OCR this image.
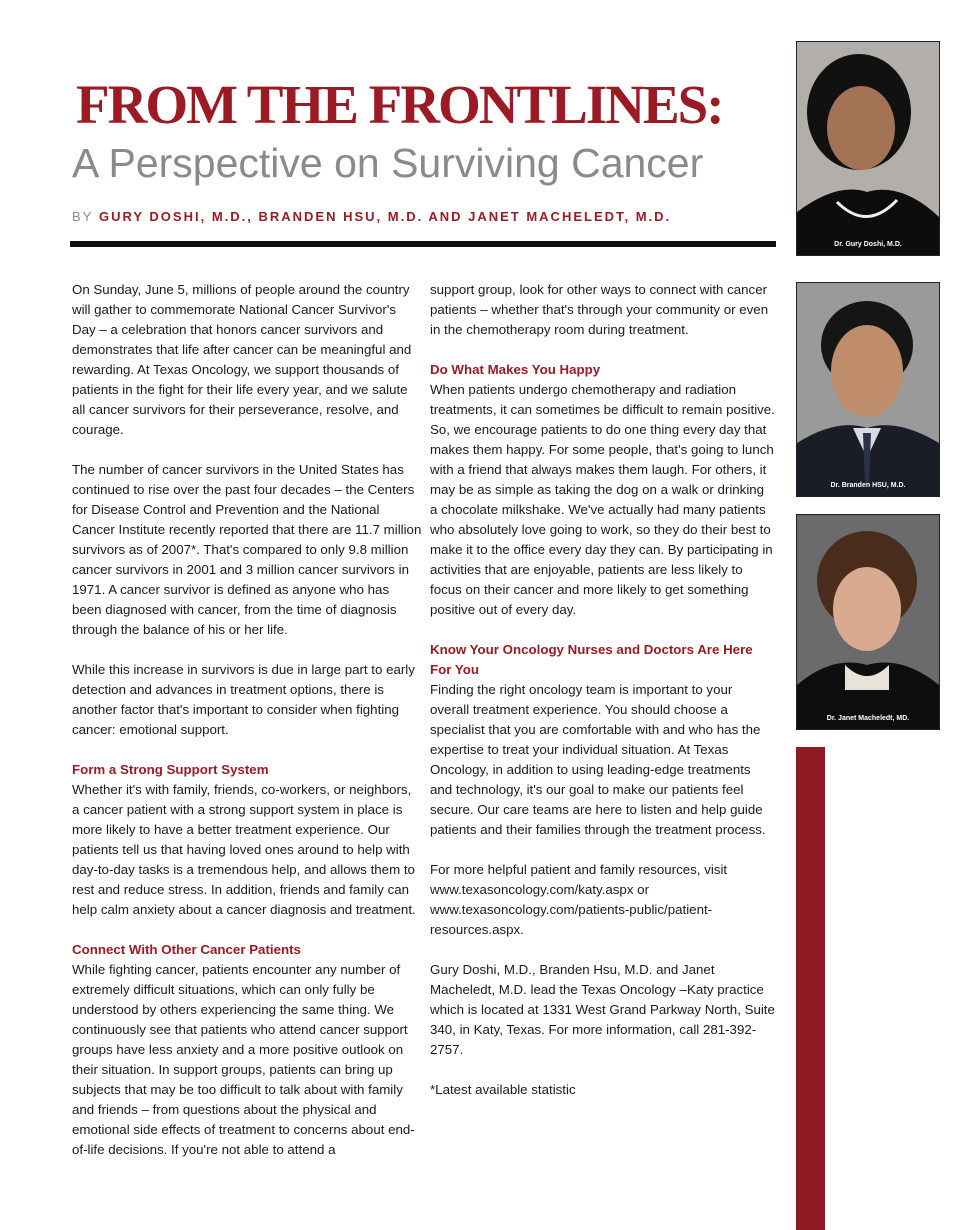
FROM THE FRONTLINES:
A Perspective on Surviving Cancer
BY GURY DOSHI, M.D., BRANDEN HSU, M.D. AND JANET MACHELEDT, M.D.

On Sunday, June 5, millions of people around the country will gather to commemorate National Cancer Survivor's Day – a celebration that honors cancer survivors and demonstrates that life after cancer can be meaningful and rewarding. At Texas Oncology, we support thousands of patients in the fight for their life every year, and we salute all cancer survivors for their perseverance, resolve, and courage.

The number of cancer survivors in the United States has continued to rise over the past four decades – the Centers for Disease Control and Prevention and the National Cancer Institute recently reported that there are 11.7 million survivors as of 2007*. That's compared to only 9.8 million cancer survivors in 2001 and 3 million cancer survivors in 1971. A cancer survivor is defined as anyone who has been diagnosed with cancer, from the time of diagnosis through the balance of his or her life.

While this increase in survivors is due in large part to early detection and advances in treatment options, there is another factor that's important to consider when fighting cancer: emotional support.

Form a Strong Support System

Whether it's with family, friends, co-workers, or neighbors, a cancer patient with a strong support system in place is more likely to have a better treatment experience. Our patients tell us that having loved ones around to help with day-to-day tasks is a tremendous help, and allows them to rest and reduce stress. In addition, friends and family can help calm anxiety about a cancer diagnosis and treatment.

Connect With Other Cancer Patients

While fighting cancer, patients encounter any number of extremely difficult situations, which can only fully be understood by others experiencing the same thing. We continuously see that patients who attend cancer support groups have less anxiety and a more positive outlook on their situation. In support groups, patients can bring up subjects that may be too difficult to talk about with family and friends – from questions about the physical and emotional side effects of treatment to concerns about end-of-life decisions. If you're not able to attend a

support group, look for other ways to connect with cancer patients – whether that's through your community or even in the chemotherapy room during treatment.

Do What Makes You Happy

When patients undergo chemotherapy and radiation treatments, it can sometimes be difficult to remain positive. So, we encourage patients to do one thing every day that makes them happy. For some people, that's going to lunch with a friend that always makes them laugh. For others, it may be as simple as taking the dog on a walk or drinking a chocolate milkshake. We've actually had many patients who absolutely love going to work, so they do their best to make it to the office every day they can. By participating in activities that are enjoyable, patients are less likely to focus on their cancer and more likely to get something positive out of every day.

Know Your Oncology Nurses and Doctors Are Here For You

Finding the right oncology team is important to your overall treatment experience. You should choose a specialist that you are comfortable with and who has the expertise to treat your individual situation. At Texas Oncology, in addition to using leading-edge treatments and technology, it's our goal to make our patients feel secure. Our care teams are here to listen and help guide patients and their families through the treatment process.

For more helpful patient and family resources, visit www.texasoncology.com/katy.aspx or www.texasoncology.com/patients-public/patient-resources.aspx.

Gury Doshi, M.D., Branden Hsu, M.D. and Janet Macheledt, M.D. lead the Texas Oncology –Katy practice which is located at 1331 West Grand Parkway North, Suite 340, in Katy, Texas. For more information, call 281-392-2757.

*Latest available statistic

Dr. Gury Doshi, M.D.
Dr. Branden HSU, M.D.
Dr. Janet Macheledt, MD.
